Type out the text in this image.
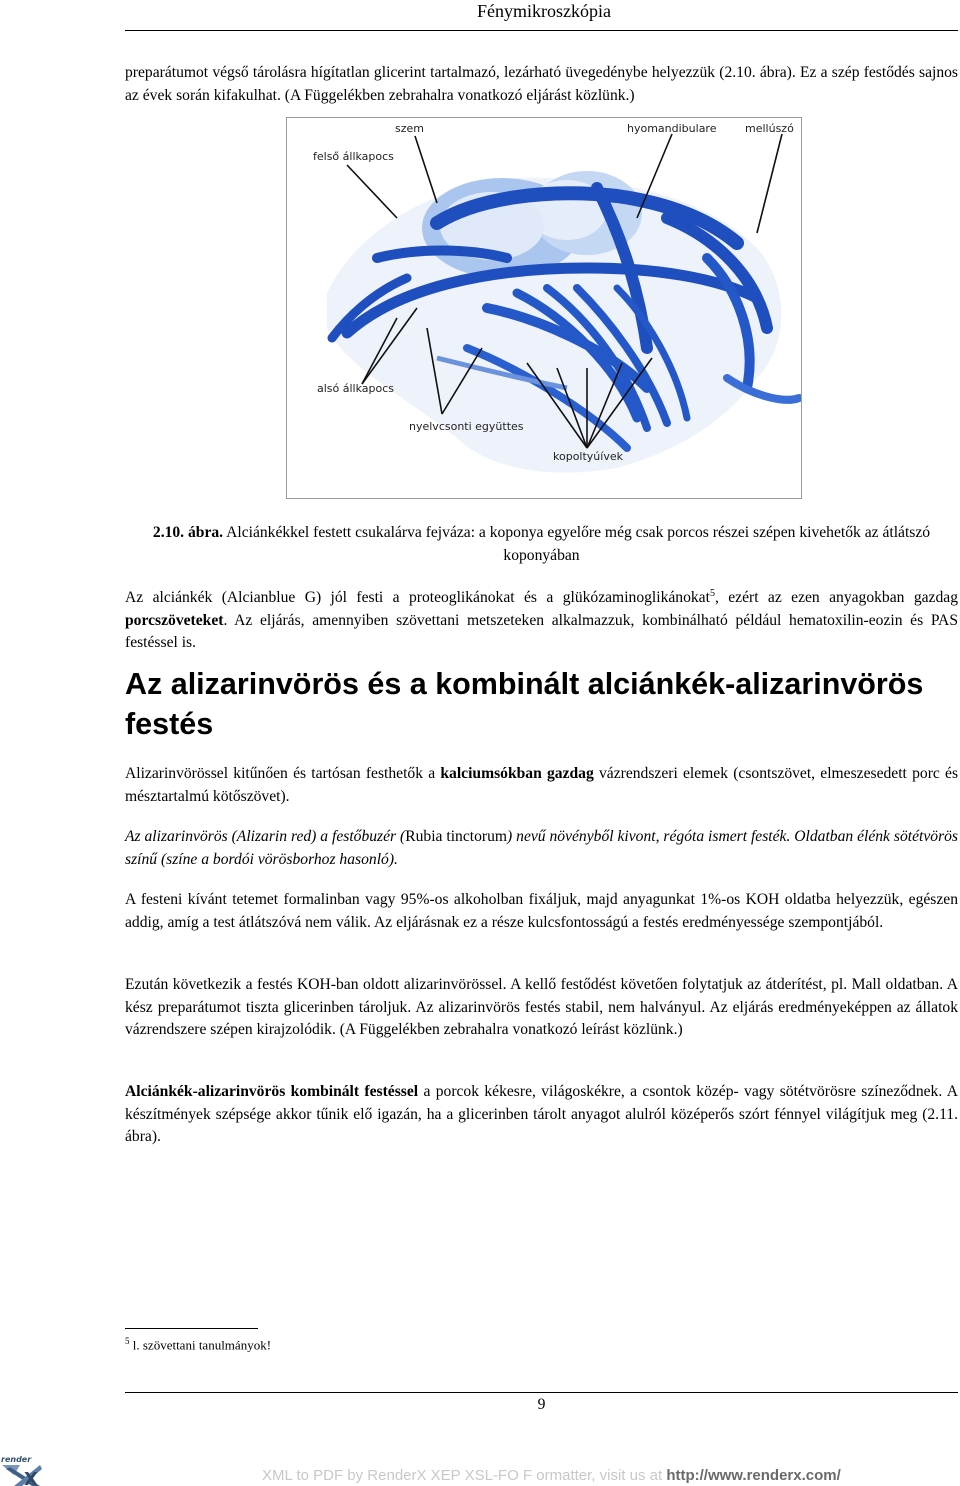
Fénymikroszkópia

preparátumot végső tárolásra hígítatlan glicerint tartalmazó, lezárható üvegedénybe helyezzük (2.10. ábra). Ez a szép festődés sajnos az évek során kifakulhat. (A Függelékben zebrahalra vonatkozó eljárást közlünk.)

szem
felső állkapocs
hyomandibulare	mellúszó
alsó állkapocs
nyelvcsonti együttes
kopoltyúívek

2.10. ábra. Alciánkékkel festett csukalárva fejváza: a koponya egyelőre még csak porcos részei szépen kivehetők az átlátszó koponyában

Az alciánkék (Alcianblue G) jól festi a proteoglikánokat és a glükózaminoglikánokat$^5$, ezért az ezen anyagokban gazdag porcszöveteket. Az eljárás, amennyiben szövettani metszeteken alkalmazzuk, kombinálható például hematoxilin-eozin és PAS festéssel is.

Az alizarinvörös és a kombinált alciánkék-alizarinvörös festés

Alizarinvörössel kitűnően és tartósan festhetők a kalciumsókban gazdag vázrendszeri elemek (csontszövet, elmeszesedett porc és mésztartalmú kötőszövet).

Az alizarinvörös (Alizarin red) a festőbuzér (Rubia tinctorum) nevű növényből kivont, régóta ismert festék. Oldatban élénk sötétvörös színű (színe a bordói vörösborhoz hasonló).

A festeni kívánt tetemet formalinban vagy 95%-os alkoholban fixáljuk, majd anyagunkat 1%-os KOH oldatba helyezzük, egészen addig, amíg a test átlátszóvá nem válik. Az eljárásnak ez a része kulcsfontosságú a festés eredményessége szempontjából.

Ezután következik a festés KOH-ban oldott alizarinvörössel. A kellő festődést követően folytatjuk az átderítést, pl. Mall oldatban. A kész preparátumot tiszta glicerinben tároljuk. Az alizarinvörös festés stabil, nem halványul. Az eljárás eredményeképpen az állatok vázrendszere szépen kirajzolódik. (A Függelékben zebrahalra vonatkozó leírást közlünk.)

Alciánkék-alizarinvörös kombinált festéssel a porcok kékesre, világoskékre, a csontok közép- vagy sötétvörösre színeződnek. A készítmények szépsége akkor tűnik elő igazán, ha a glicerinben tárolt anyagot alulról középerős szórt fénnyel világítjuk meg (2.11. ábra).

$^5$ l. szövettani tanulmányok!
9
render
X	XML to PDF by RenderX XEP XSL-FO F ormatter, visit us at http://www.renderx.com/
